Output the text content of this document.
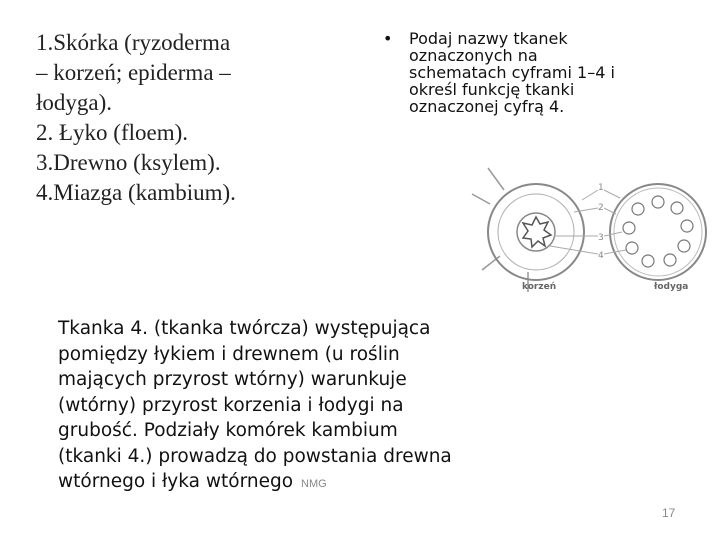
1.Skórka (ryzoderma
– korzeń; epiderma –
łodyga).
2. Łyko (floem).
3.Drewno (ksylem).
4.Miazga (kambium).
• Podaj nazwy tkanek
oznaczonych na
schematach cyframi 1–4 i
określ funkcję tkanki
oznaczonej cyfrą 4.
1
2
3
4
korzeń	łodyga
Tkanka 4. (tkanka twórcza) występująca
pomiędzy łykiem i drewnem (u roślin
mających przyrost wtórny) warunkuje
(wtórny) przyrost korzenia i łodygi na
grubość. Podziały komórek kambium
(tkanki 4.) prowadzą do powstania drewna
wtórnego i łyka wtórnego NMG
17
